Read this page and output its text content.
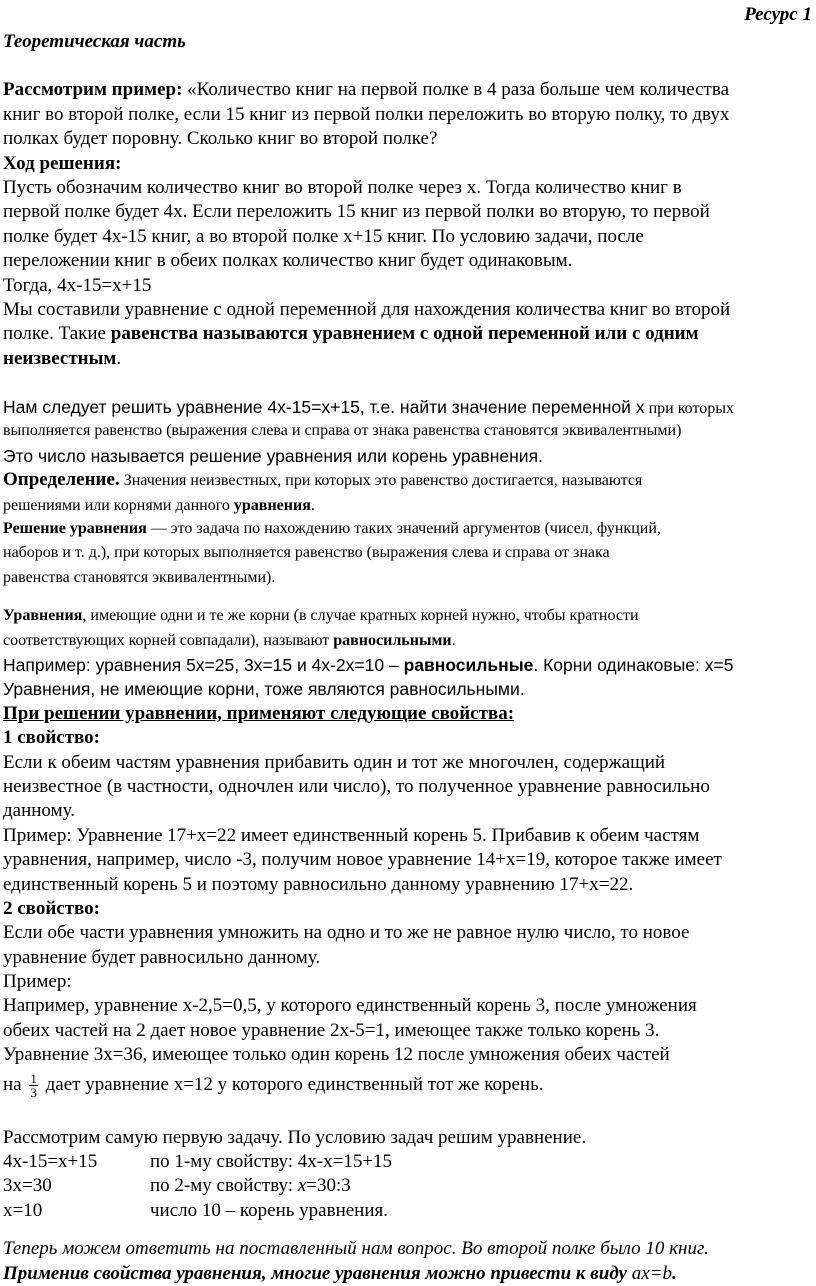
Ресурс 1
Теоретическая часть
Рассмотрим пример: «Количество книг на первой полке в 4 раза больше чем количества
книг во второй полке, если 15 книг из первой полки переложить во вторую полку, то двух
полках будет поровну. Сколько книг во второй полке?
Ход решения:
Пусть обозначим количество книг во второй полке через х. Тогда количество книг в
первой полке будет 4х. Если переложить 15 книг из первой полки во вторую, то первой
полке будет 4х-15 книг, а во второй полке х+15 книг. По условию задачи, после
переложении книг в обеих полках количество книг будет одинаковым.
Тогда, 4х-15=х+15
Мы составили уравнение с одной переменной для нахождения количества книг во второй
полке. Такие равенства называются уравнением с одной переменной или с одним
неизвестным.
Нам следует решить уравнение 4х-15=х+15, т.е. найти значение переменной х при которых
выполняется равенство (выражения слева и справа от знака равенства становятся эквивалентными)
Это число называется решение уравнения или корень уравнения.
Определение. Значения неизвестных, при которых это равенство достигается, называются
решениями или корнями данного уравнения.
Решение уравнения — это задача по нахождению таких значений аргументов (чисел, функций,
наборов и т. д.), при которых выполняется равенство (выражения слева и справа от знака
равенства становятся эквивалентными).
Уравнения, имеющие одни и те же корни (в случае кратных корней нужно, чтобы кратности
соответствующих корней совпадали), называют равносильными.
Например: уравнения 5х=25, 3х=15 и 4х-2х=10 – равносильные. Корни одинаковые: х=5
Уравнения, не имеющие корни, тоже являются равносильными.
При решении уравнении, применяют следующие свойства:
1 свойство:
Если к обеим частям уравнения прибавить один и тот же многочлен, содержащий
неизвестное (в частности, одночлен или число), то полученное уравнение равносильно
данному.
Пример: Уравнение 17+х=22 имеет единственный корень 5. Прибавив к обеим частям
уравнения, например, число -3, получим новое уравнение 14+х=19, которое также имеет
единственный корень 5 и поэтому равносильно данному уравнению 17+х=22.
2 свойство:
Если обе части уравнения умножить на одно и то же не равное нулю число, то новое
уравнение будет равносильно данному.
Пример:
Например, уравнение х-2,5=0,5, у которого единственный корень 3, после умножения
обеих частей на 2 дает новое уравнение 2х-5=1, имеющее также только корень 3.
Уравнение 3х=36, имеющее только один корень 12 после умножения обеих частей
на $\frac{1}{3}$ дает уравнение х=12 у которого единственный тот же корень.
Рассмотрим самую первую задачу. По условию задач решим уравнение.
4х-15=х+15	по 1-му свойству: 4х-х=15+15
3х=30	по 2-му свойству: х=30:3
х=10	число 10 – корень уравнения.
Теперь можем ответить на поставленный нам вопрос. Во второй полке было 10 книг.
Применив свойства уравнения, многие уравнения можно привести к виду ax=b.
